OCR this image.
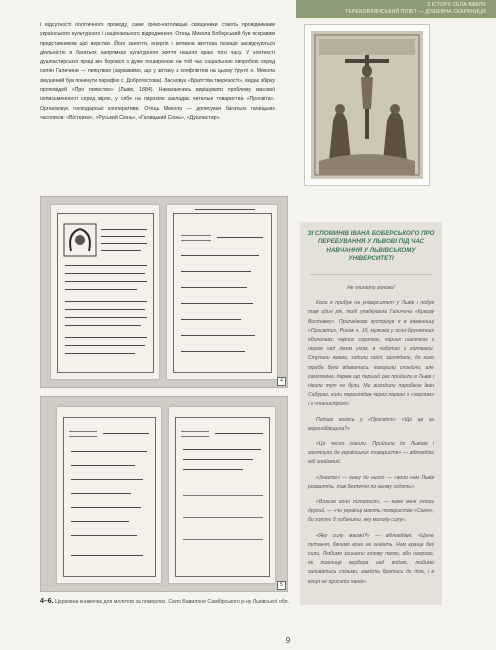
З ІСТОРІЇ СЕЛА ВАВЛЯ
ТЕРЕБОВЛЯНСЬКИЙ ПОВІТ — ДУШЕВНА СКАРБНИЦЯ

і відсутності політичного проводу, саме греко-католицькі священики стають провідниками українського культурного і національного відродження. Отець Микола Боберський був яскравим представником цієї верстви. Його заняття, енергія і активна життєва позиція засвідчуються діяльністю в багатьох напрямках культурного життя нашого краю того часу. У контексті душпастирської праці він боровся з дуже поширеною на той час соціальною хворобою серед селян Галичини — пияцтвом (зауважимо, що у зв'язку з конфліктом на цьому ґрунті о. Микола змушений був покинути парафію с. Доброгостова). Засновує «Братства тверезості», видає збірку проповідей «Про пиянство» (Львів, 1884). Намагаючись вирішувати проблему масової неписьменності серед вірян, у себе на парохіях закладає читальні товариства «Просвіта». Організовує господарські кооперативи. Отець Микола — дописувач багатьох галицьких часописів: «Вістника», «Руський Сіонь», «Галицький Сіонь», «Душпастир».

4
5
4–6. Церковна книжечка для молитов за померлих. Село Вавилоне Самбірського р-ну Львівської обл.
ЗІ СПОМИНІВ ІВАНА БОБЕРСЬКОГО ПРО ПЕРЕБУВАННЯ У ЛЬВОВІ ПІД ЧАС НАВЧАННЯ У ЛЬВІВСЬКОМУ УНІВЕРСИТЕТІ

Не згинати голови!

Коли я прибув на університет у Львів і побув там один рік, тоді упадкувала Галичина «Краєву Виставку». Припадково зустрінув я в каменниці «Просвіти», Ринок ч. 10, мужиків у ясно-брунатних оболонках, чорних сорочках, чорних шапочках з пером над лівим ухом, в чоботах з колявами. Ступали жваво, ходили смілі, заглядали, до кого треба було вдаватись, говорили спокійно, але самопевно, дарма що перший раз прийшли в Львів і ніколи тут не були. Ми виходили паробком Іван Сабурко, коли переглядав через паркан з «перлом» і з «танистрою».

Питаю когось у «Просвіті»: «Що це за воронобівщина?»

«Це чесно соколи. Прийшли до Львова і заглянули до українських товариств» — відповідає мій знайомий.

«Знаєте» — кажу до нього — «вони нам Львів розвалять, так безпечно по ньому ходять».

«Власне вони питалися», — каже мені хтось другий, — «чи українці мають товариство «Сокіл», бо хотіли б побачити, яку молоду силу».

«Яку силу маємо?» — відповідаю. «Ціхне питання, бачимо вони не знають. Нам краще без сили. Любимо згинати голову палко, або напрово, як пшениця вербера над водою, любимо заливатись слізьми, замість братись до діла, і в кінця не просити панів».

9
